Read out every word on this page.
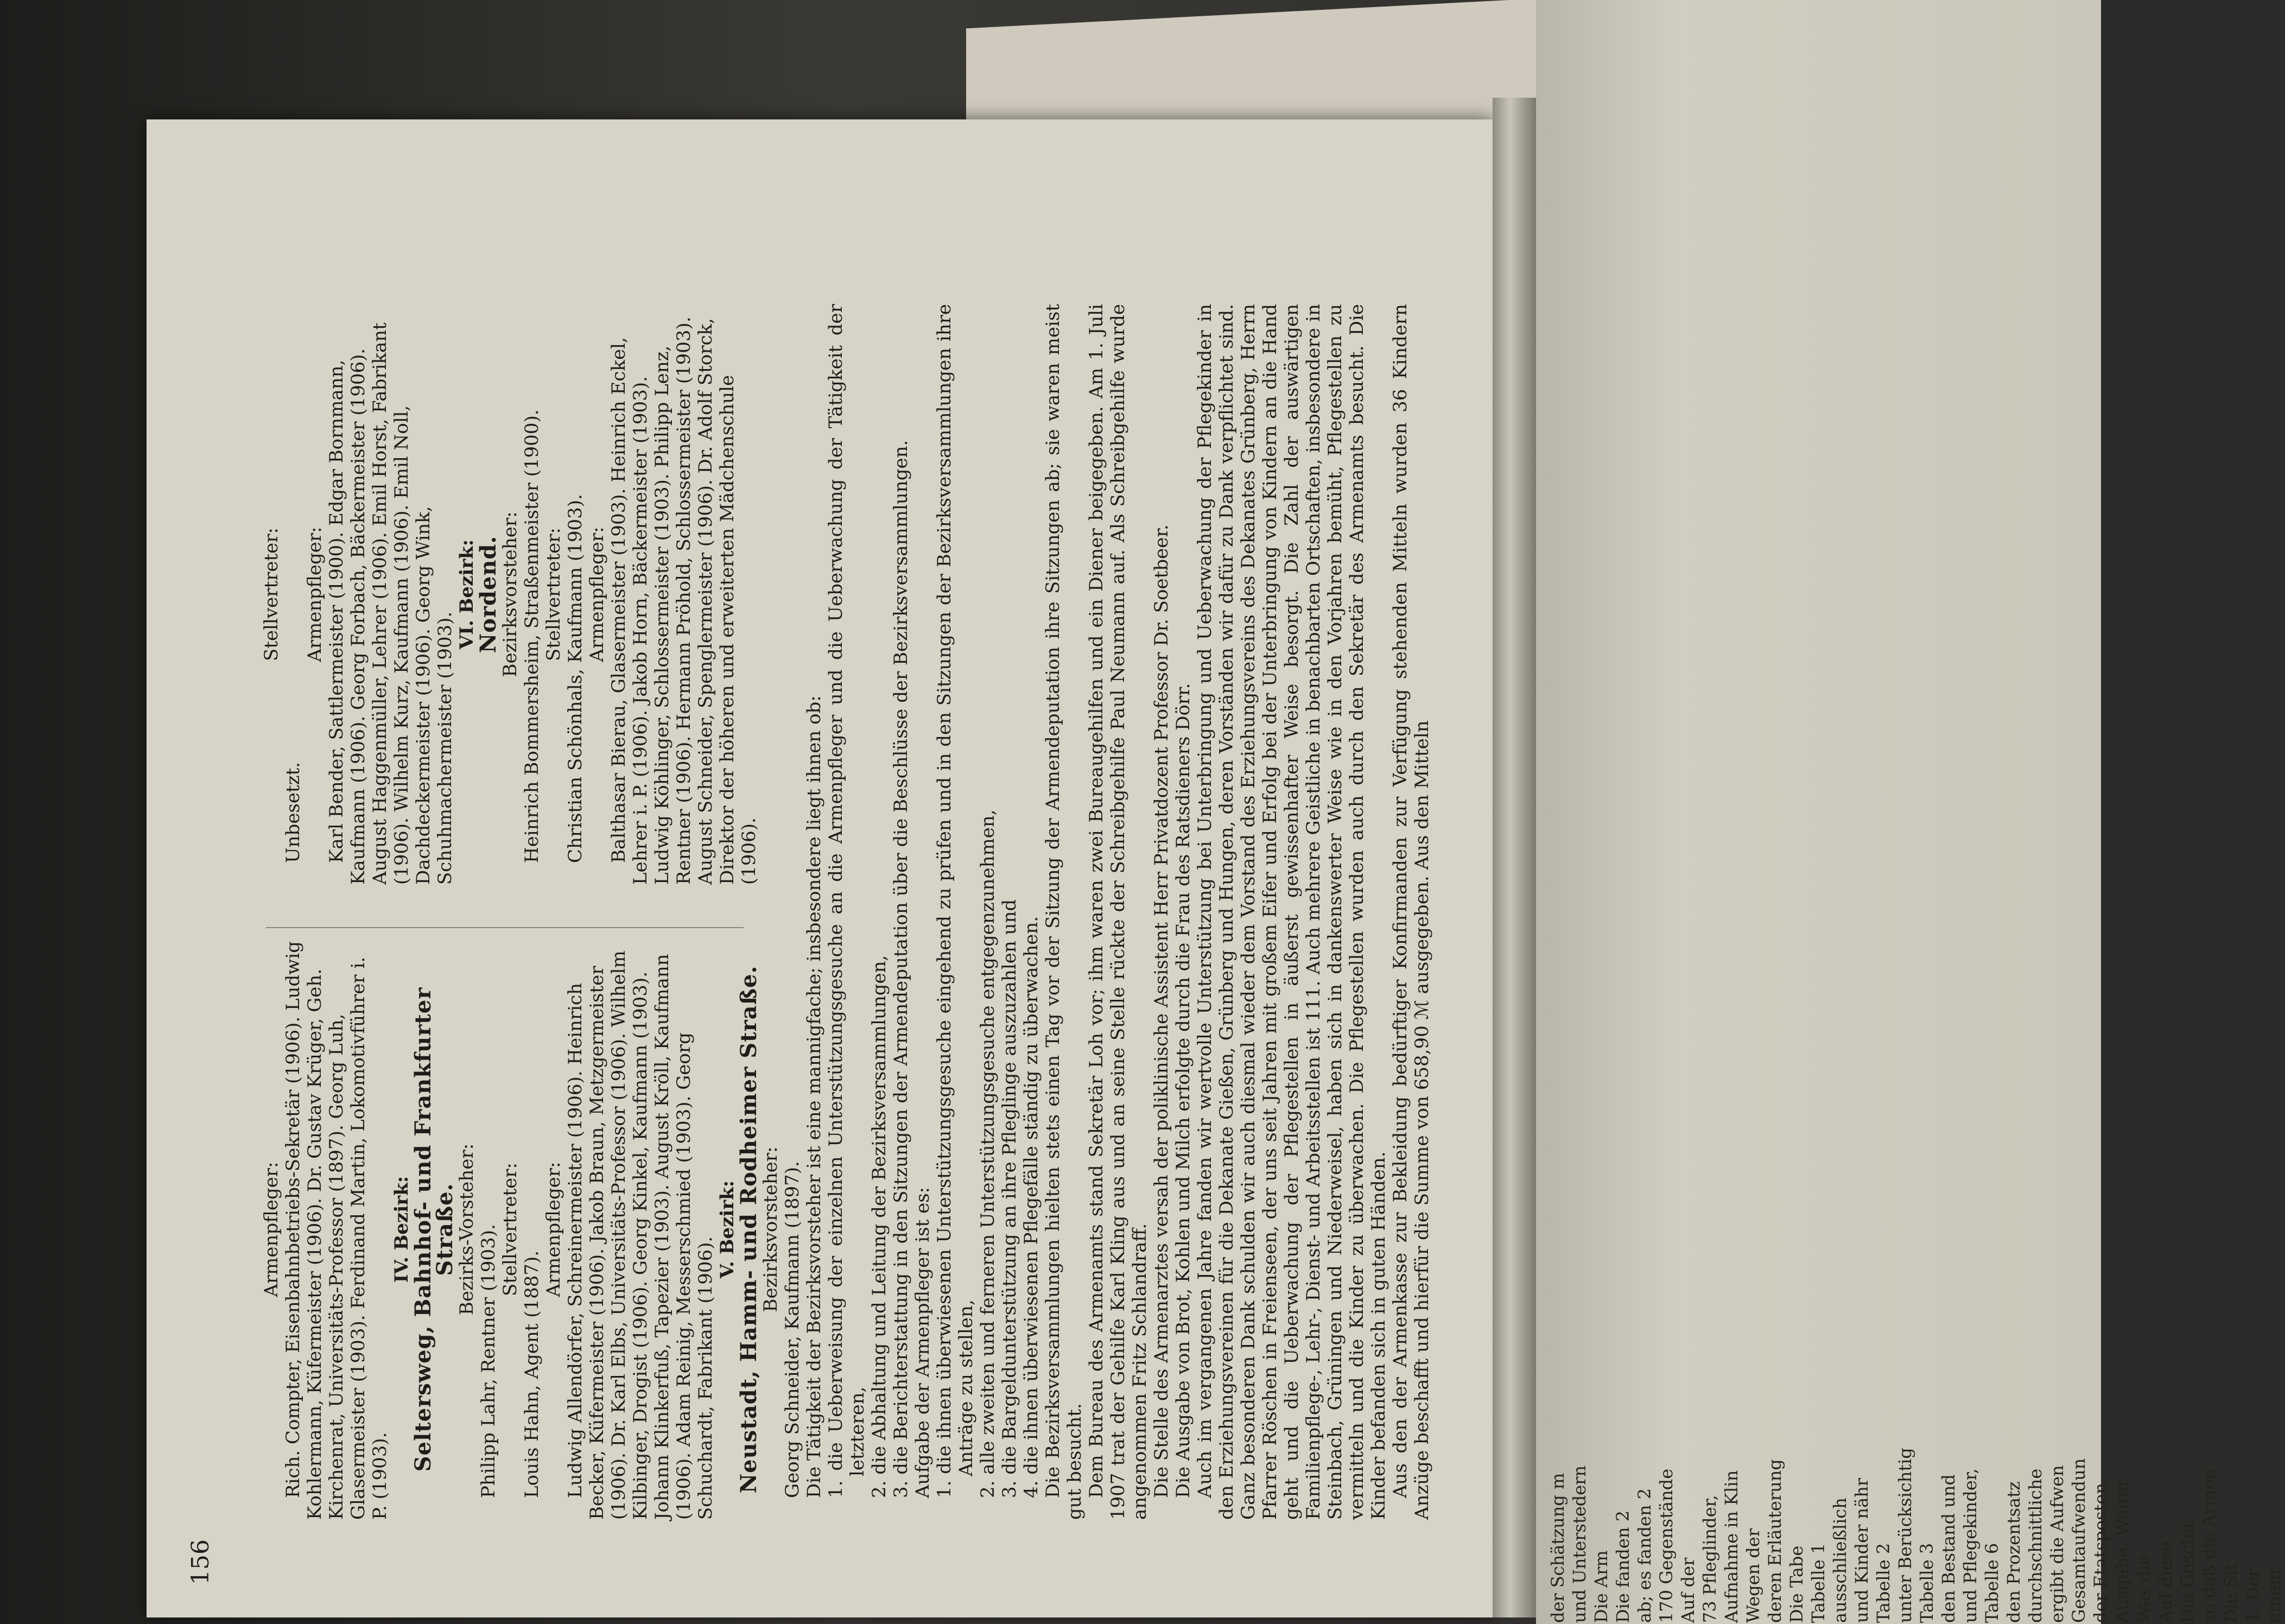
156

Armenpfleger: Rich. Compter, Eisenbahnbetriebs-Sekretär (1906). Ludwig Kohlermann, Küfermeister (1906). Dr. Gustav Krüger, Geh. Kirchenrat, Universitäts-Professor (1897). Georg Luh, Glasermeister (1903). Ferdinand Martin, Lokomotivführer i. P. (1903).

IV. Bezirk:

Seltersweg, Bahnhof- und Frankfurter Straße.

Bezirks-Vorsteher: Philipp Lahr, Rentner (1903). Stellvertreter:

Louis Hahn, Agent (1887).

Armenpfleger: Ludwig Allendörfer, Schreinermeister (1906). Heinrich Becker, Küfermeister (1906). Jakob Braun, Metzgermeister (1906). Dr. Karl Elbs, Universitäts-Professor (1906). Wilhelm Kilbinger, Drogist (1906). Georg Kinkel, Kaufmann (1903). Johann Klinkerfuß, Tapezier (1903). August Kröll, Kaufmann (1906). Adam Reinig, Messerschmied (1903). Georg Schuchardt, Fabrikant (1906).

V. Bezirk:

Neustadt, Hamm- und Rodheimer Straße.

Bezirksvorsteher: Georg Schneider, Kaufmann (1897).

Stellvertreter:

Unbesetzt.

Armenpfleger: Karl Bender, Sattlermeister (1900). Edgar Bornmann, Kaufmann (1906). Georg Forbach, Bäckermeister (1906). August Haggenmüller, Lehrer (1906). Emil Horst, Fabrikant (1906). Wilhelm Kurz, Kaufmann (1906). Emil Noll, Dachdeckermeister (1906). Georg Wink, Schuhmachermeister (1903).

VI. Bezirk:

Nordend.

Bezirksvorsteher: Heinrich Bommersheim, Straßenmeister (1900). Stellvertreter: Christian Schönhals, Kaufmann (1903). Armenpfleger: Balthasar Bierau, Glasermeister (1903). Heinrich Eckel, Lehrer i. P. (1906). Jakob Horn, Bäckermeister (1903). Ludwig Köhlinger, Schlossermeister (1903). Philipp Lenz, Rentner (1906). Hermann Pröhold, Schlossermeister (1903). August Schneider, Spenglermeister (1906). Dr. Adolf Storck, Direktor der höheren und erweiterten Mädchenschule (1906). Die Tätigkeit der Bezirksvorsteher ist eine mannigfache; insbesondere liegt ihnen ob: 1. die Ueberweisung der einzelnen Unterstützungsgesuche an die Armenpfleger und die Ueberwachung der Tätigkeit der letzteren, 2. die Abhaltung und Leitung der Bezirksversammlungen, 3. die Berichterstattung in den Sitzungen der Armendeputation über die Beschlüsse der Bezirksversammlungen. Aufgabe der Armenpfleger ist es: 1. die ihnen überwiesenen Unterstützungsgesuche eingehend zu prüfen und in den Sitzungen der Bezirksversammlungen ihre Anträge zu stellen, 2. alle zweiten und ferneren Unterstützungsgesuche entgegenzunehmen, 3. die Bargeldunterstützung an ihre Pfleglinge auszuzahlen und 4. die ihnen überwiesenen Pflegefälle ständig zu überwachen. Die Bezirksversammlungen hielten stets einen Tag vor der Sitzung der Armendeputation ihre Sitzungen ab; sie waren meist gut besucht. Dem Bureau des Armenamts stand Sekretär Loh vor; ihm waren zwei Bureaugehilfen und ein Diener beigegeben. Am 1. Juli 1907 trat der Gehilfe Karl Kling aus und an seine Stelle rückte der Schreibgehilfe Paul Neumann auf. Als Schreibgehilfe wurde angenommen Fritz Schlandraff. Die Stelle des Armenarztes versah der poliklinische Assistent Herr Privatdozent Professor Dr. Soetbeer. Die Ausgabe von Brot, Kohlen und Milch erfolgte durch die Frau des Ratsdieners Dörr. Auch im vergangenen Jahre fanden wir wertvolle Unterstützung bei Unterbringung und Ueberwachung der Pflegekinder in den Erziehungsvereinen für die Dekanate Gießen, Grünberg und Hungen, deren Vorständen wir dafür zu Dank verpflichtet sind. Ganz besonderen Dank schulden wir auch diesmal wieder dem Vorstand des Erziehungsvereins des Dekanates Grünberg, Herrn Pfarrer Röschen in Freienseen, der uns seit Jahren mit großem Eifer und Erfolg bei der Unterbringung von Kindern an die Hand geht und die Ueberwachung der Pflegestellen in äußerst gewissenhafter Weise besorgt. Die Zahl der auswärtigen Familienpflege-, Lehr-, Dienst- und Arbeitsstellen ist 111. Auch mehrere Geistliche in benachbarten Ortschaften, insbesondere in Steinbach, Grüningen und Niederweisel, haben sich in dankenswerter Weise wie in den Vorjahren bemüht, Pflegestellen zu vermitteln und die Kinder zu überwachen. Die Pflegestellen wurden auch durch den Sekretär des Armenamts besucht. Die Kinder befanden sich in guten Händen. Aus den der Armenkasse zur Bekleidung bedürftiger Konfirmanden zur Verfügung stehenden Mitteln wurden 36 Kindern Anzüge beschafft und hierfür die Summe von 658,90 ℳ ausgegeben. Aus den Mitteln

der Schätzung m und Unterstedern Die Arm Die fanden 2 ab; es fanden 2 170 Gegenstände Auf der 73 Pfleglinder, Aufnahme in Klin Wegen der deren Erläuterung Die Tabe Tabelle 1 ausschließlich und Kinder nähr Tabelle 2 unter Berücksichtig Tabelle 3 den Bestand und und Pflegekinder, Tabelle 6 den Prozentsatz durchschnittliche ergibt die Aufwen Gesamtaufwendun der Etatsposten. Ausgabe. Weiter Was die Auf diese Die Geschä so daß die Armen Die Sit 1. Der einem
